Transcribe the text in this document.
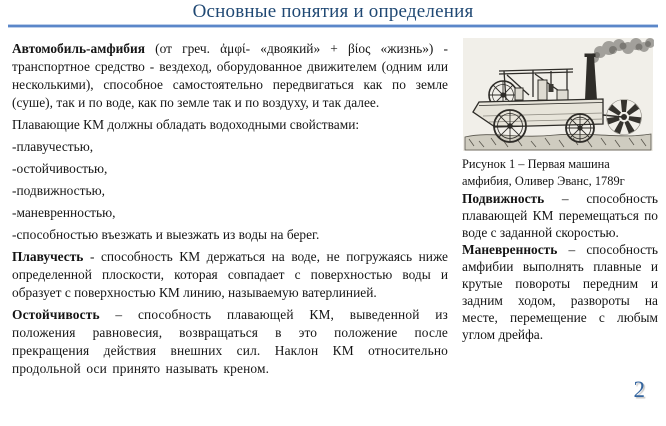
Основные понятия и определения

Автомобиль-амфибия (от греч. ἀμφί- «двоякий» + βίος «жизнь») - транспортное средство - вездеход, оборудованное движителем (одним или несколькими), способное самостоятельно передвигаться как по земле (суше), так и по воде, как по земле так и по воздуху, и так далее.

Плавающие КМ должны обладать водоходными свойствами:

-плавучестью,

-остойчивостью,

-подвижностью,

-маневренностью,

-способностью въезжать и выезжать из воды на берег.

Плавучесть - способность КМ держаться на воде, не погружаясь ниже определенной плоскости, которая совпадает с поверхностью воды и образует с поверхностью КМ линию, называемую ватерлинией.

Остойчивость – способность плавающей КМ, выведенной из положения равновесия, возвращаться в это положение после прекращения действия внешних сил. Наклон КМ относительно продольной оси принято называть креном.

Рисунок 1 – Первая машина
амфибия, Оливер Эванс, 1789г

Подвижность – способность плавающей КМ перемещаться по воде с заданной скоростью.

Маневренность – способность амфибии выполнять плавные и крутые повороты передним и задним ходом, развороты на месте, перемещение с любым углом дрейфа.

2
